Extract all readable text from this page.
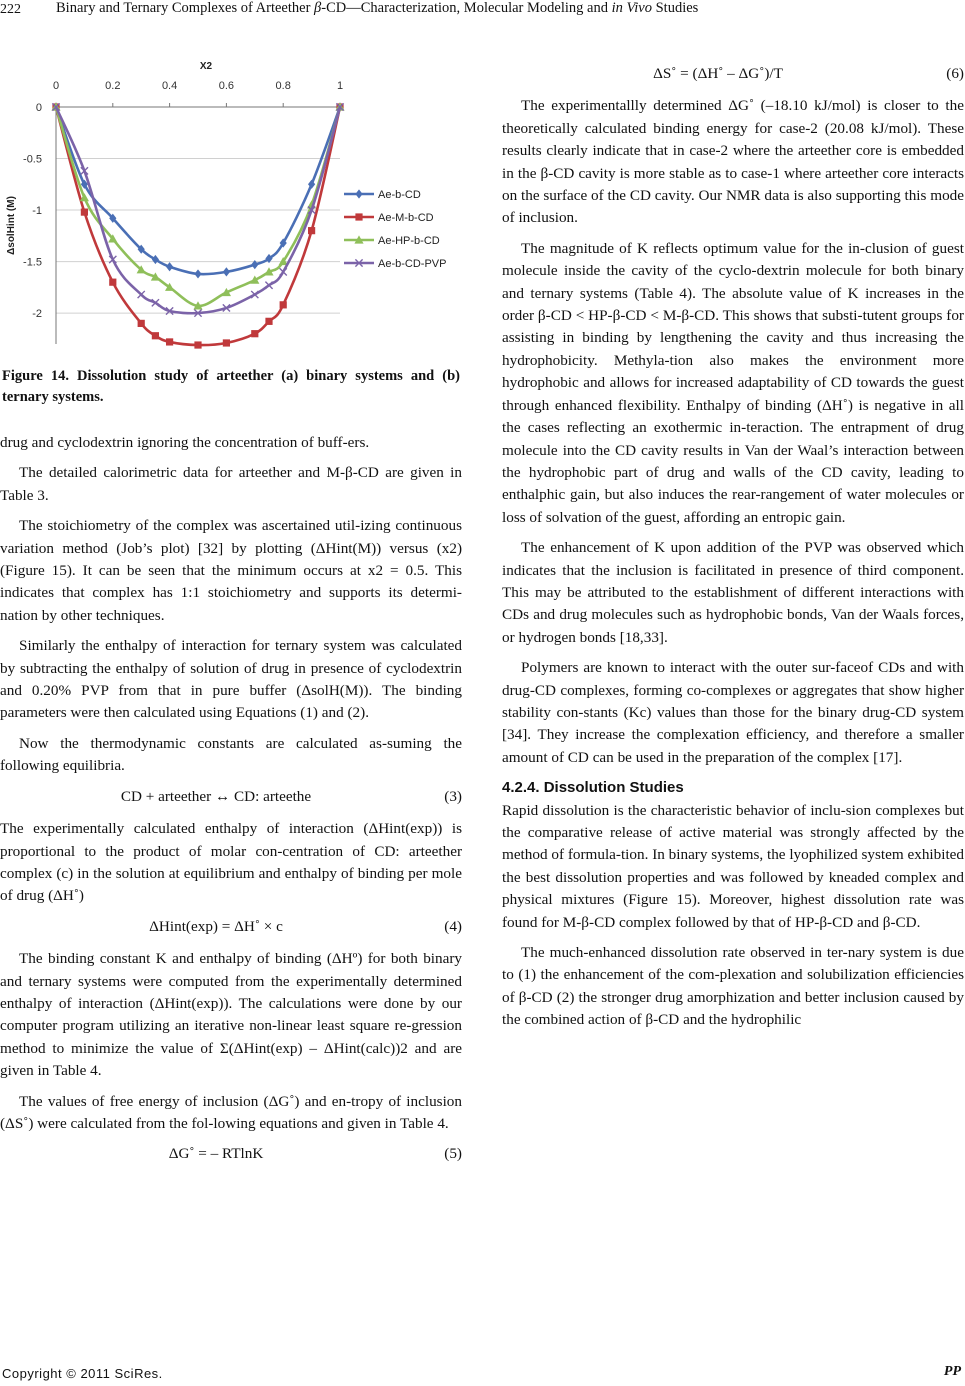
222 Binary and Ternary Complexes of Arteether β-CD—Characterization, Molecular Modeling and in Vivo Studies
0
-0.5
-1
-1.5
-2
0	0.2	0.4	0.6	0.8	1
X2
ΔsolHint (M)
Ae-b-CD
Ae-M-b-CD
Ae-HP-b-CD
Ae-b-CD-PVP
Figure 14. Dissolution study of arteether (a) binary systems and (b) ternary systems.

drug and cyclodextrin ignoring the concentration of buff-ers.

The detailed calorimetric data for arteether and M-β-CD are given in Table 3.

The stoichiometry of the complex was ascertained util-izing continuous variation method (Job’s plot) [32] by plotting (ΔHint(M)) versus (x2) (Figure 15). It can be seen that the minimum occurs at x2 = 0.5. This indicates that complex has 1:1 stoichiometry and supports its determi-nation by other techniques.

Similarly the enthalpy of interaction for ternary system was calculated by subtracting the enthalpy of solution of drug in presence of cyclodextrin and 0.20% PVP from that in pure buffer (ΔsolH(M)). The binding parameters were then calculated using Equations (1) and (2).

Now the thermodynamic constants are calculated as-suming the following equilibria.

CD + arteether ↔ CD: arteethe	(3)

The experimentally calculated enthalpy of interaction (ΔHint(exp)) is proportional to the product of molar con-centration of CD: arteether complex (c) in the solution at equilibrium and enthalpy of binding per mole of drug (ΔH˚)

ΔHint(exp) = ΔH˚ × c	(4)

The binding constant K and enthalpy of binding (ΔHº) for both binary and ternary systems were computed from the experimentally determined enthalpy of interaction (ΔHint(exp)). The calculations were done by our computer program utilizing an iterative non-linear least square re-gression method to minimize the value of Σ(ΔHint(exp) – ΔHint(calc))2 and are given in Table 4.

The values of free energy of inclusion (ΔG˚) and en-tropy of inclusion (ΔS˚) were calculated from the fol-lowing equations and given in Table 4.

ΔG˚ = – RTlnK	(5)
ΔS˚ = (ΔH˚ – ΔG˚)/T	(6)

The experimentallly determined ΔG˚ (–18.10 kJ/mol) is closer to the theoretically calculated binding energy for case-2 (20.08 kJ/mol). These results clearly indicate that in case-2 where the arteether core is embedded in the β-CD cavity is more stable as to case-1 where arteether core interacts on the surface of the CD cavity. Our NMR data is also supporting this mode of inclusion.

The magnitude of K reflects optimum value for the in-clusion of guest molecule inside the cavity of the cyclo-dextrin molecule for both binary and ternary systems (Table 4). The absolute value of K increases in the order β-CD < HP-β-CD < M-β-CD. This shows that substi-tutent groups for assisting in binding by lengthening the cavity and thus increasing the hydrophobicity. Methyla-tion also makes the environment more hydrophobic and allows for increased adaptability of CD towards the guest through enhanced flexibility. Enthalpy of binding (ΔH˚) is negative in all the cases reflecting an exothermic in-teraction. The entrapment of drug molecule into the CD cavity results in Van der Waal’s interaction between the hydrophobic part of drug and walls of the CD cavity, leading to enthalphic gain, but also induces the rear-rangement of water molecules or loss of solvation of the guest, affording an entropic gain.

The enhancement of K upon addition of the PVP was observed which indicates that the inclusion is facilitated in presence of third component. This may be attributed to the establishment of different interactions with CDs and drug molecules such as hydrophobic bonds, Van der Waals forces, or hydrogen bonds [18,33].

Polymers are known to interact with the outer sur-faceof CDs and with drug-CD complexes, forming co-complexes or aggregates that show higher stability con-stants (Kc) values than those for the binary drug-CD system [34]. They increase the complexation efficiency, and therefore a smaller amount of CD can be used in the preparation of the complex [17].

4.2.4. Dissolution Studies

Rapid dissolution is the characteristic behavior of inclu-sion complexes but the comparative release of active material was strongly affected by the method of formula-tion. In binary systems, the lyophilized system exhibited the best dissolution properties and was followed by kneaded complex and physical mixtures (Figure 15). Moreover, highest dissolution rate was found for M-β-CD complex followed by that of HP-β-CD and β-CD.

The much-enhanced dissolution rate observed in ter-nary system is due to (1) the enhancement of the com-plexation and solubilization efficiencies of β-CD (2) the stronger drug amorphization and better inclusion caused by the combined action of β-CD and the hydrophilic

Copyright © 2011 SciRes.	PP
